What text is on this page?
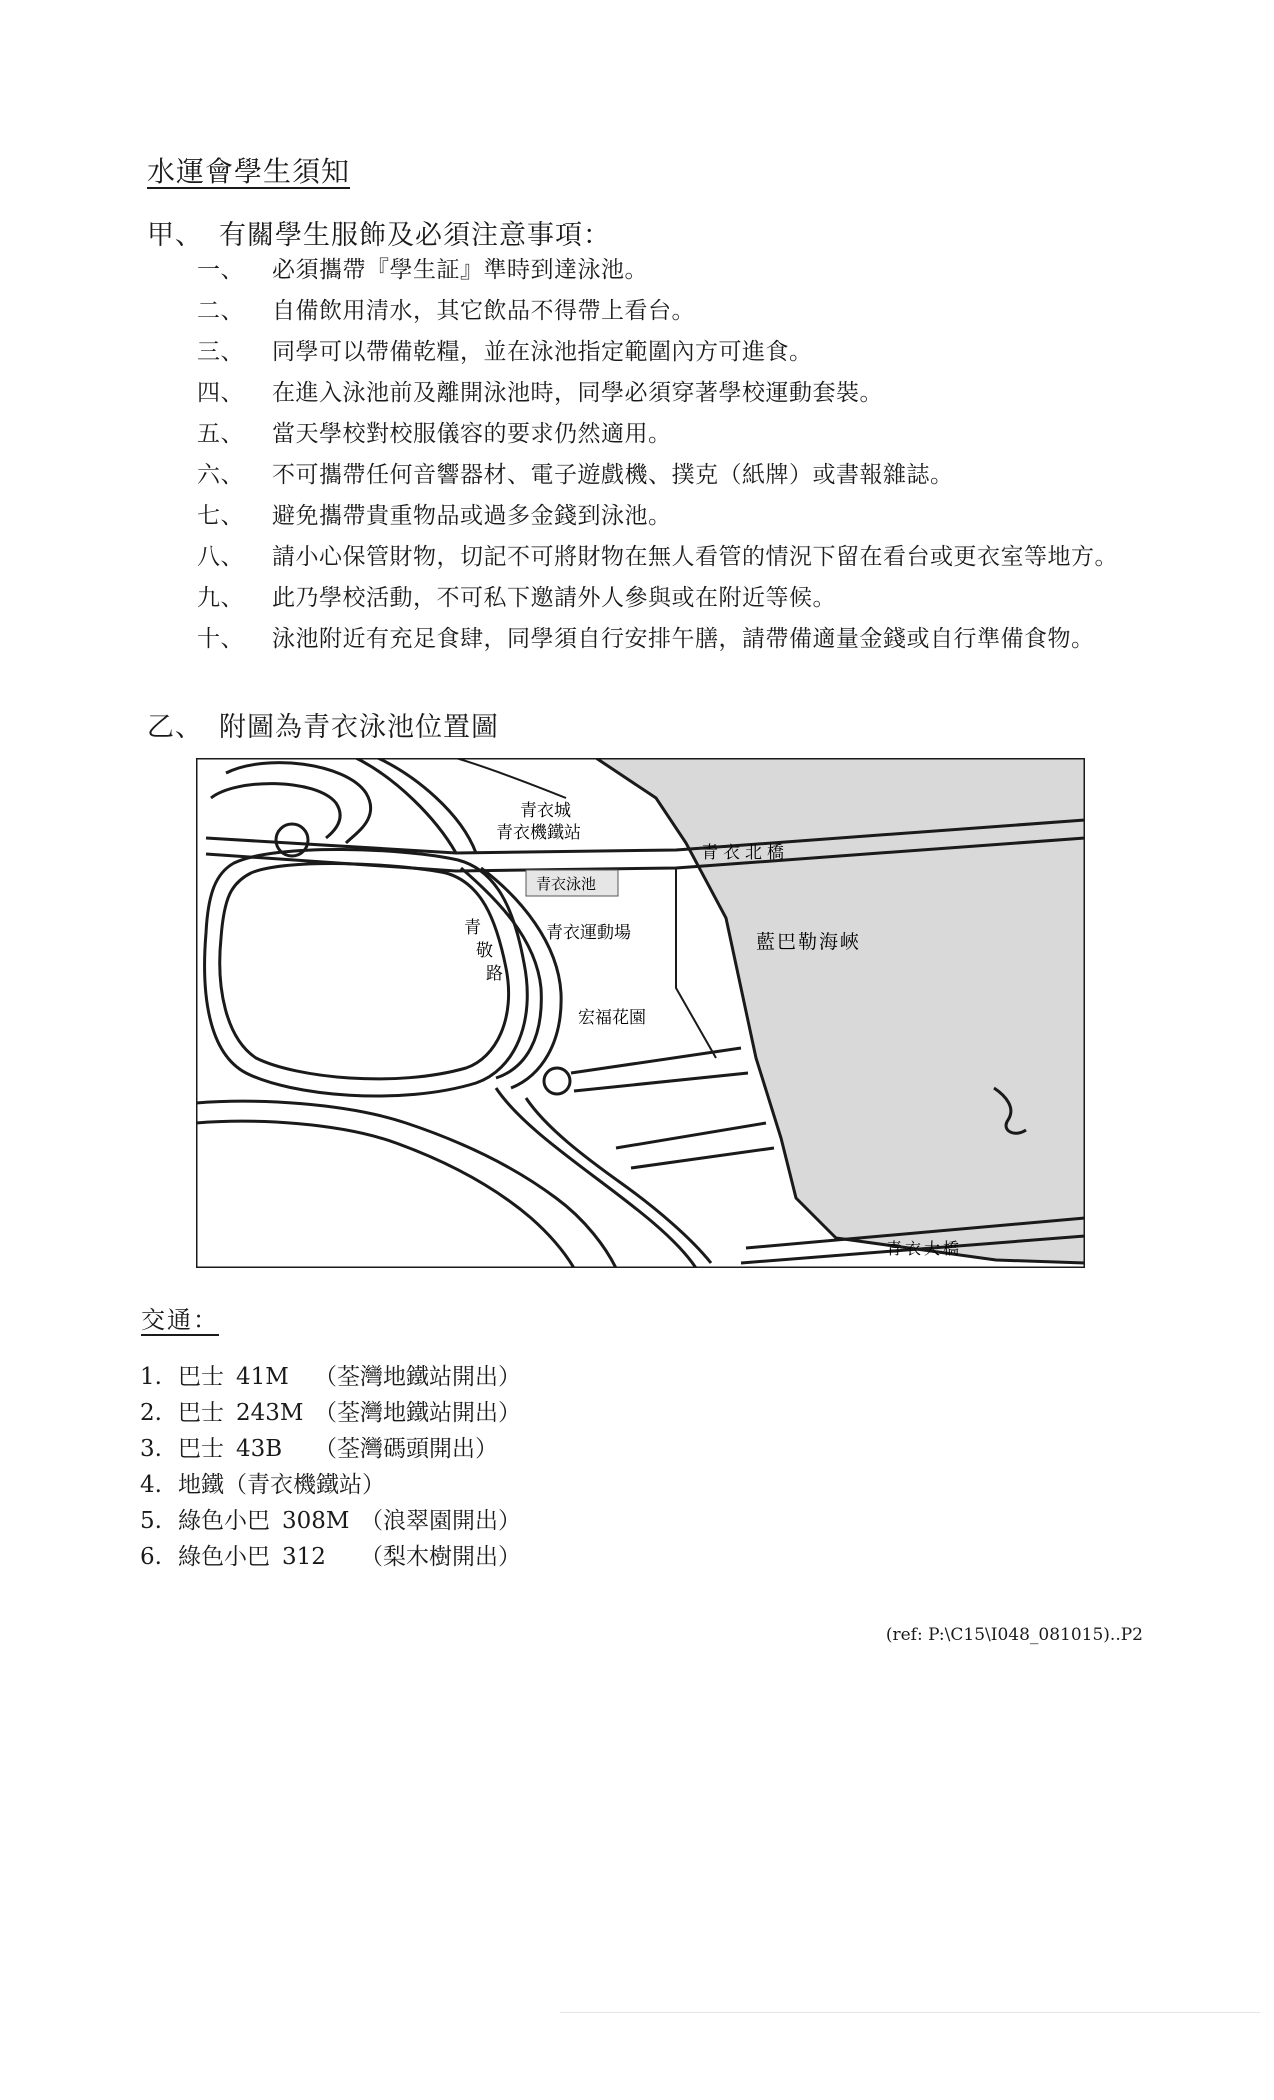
水運會學生須知
甲、 有關學生服飾及必須注意事項：
一、 必須攜帶『學生証』準時到達泳池。
二、 自備飲用清水，其它飲品不得帶上看台。
三、 同學可以帶備乾糧，並在泳池指定範圍內方可進食。
四、 在進入泳池前及離開泳池時，同學必須穿著學校運動套裝。
五、 當天學校對校服儀容的要求仍然適用。
六、 不可攜帶任何音響器材、電子遊戲機、撲克（紙牌）或書報雜誌。
七、 避免攜帶貴重物品或過多金錢到泳池。
八、 請小心保管財物，切記不可將財物在無人看管的情況下留在看台或更衣室等地方。
九、 此乃學校活動，不可私下邀請外人參與或在附近等候。
十、 泳池附近有充足食肆，同學須自行安排午膳，請帶備適量金錢或自行準備食物。
乙、 附圖為青衣泳池位置圖
青衣城
青衣機鐵站
青衣北橋
青衣泳池
青
敬
路
青衣運動場	藍巴勒海峽
宏福花園
青衣大橋
交通：
1. 巴士 41M （荃灣地鐵站開出）
2. 巴士 243M （荃灣地鐵站開出）
3. 巴士 43B （荃灣碼頭開出）
4. 地鐵（青衣機鐵站）
5. 綠色小巴 308M （浪翠園開出）
6. 綠色小巴 312 （梨木樹開出）
(ref: P:\C15\I048_081015)..P2
